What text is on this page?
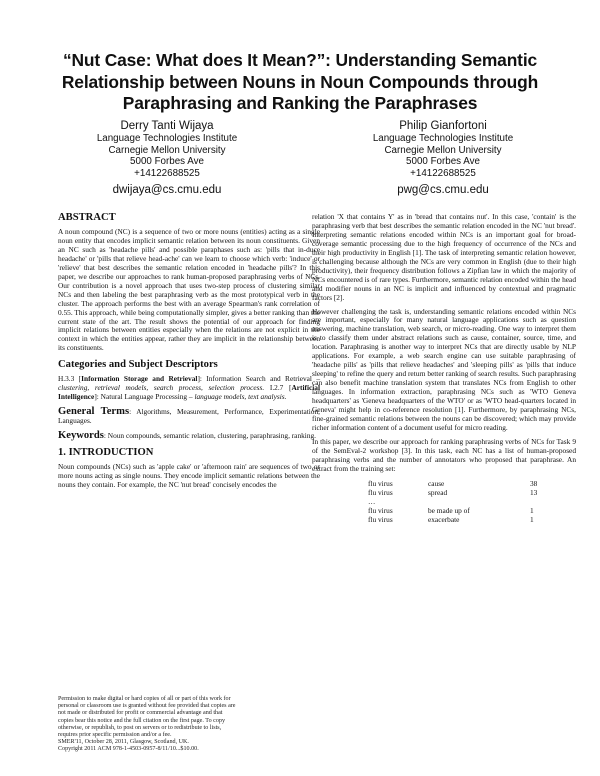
“Nut Case: What does It Mean?”: Understanding Semantic
Relationship between Nouns in Noun Compounds through
Paraphrasing and Ranking the Paraphrases
Derry Tanti Wijaya
Language Technologies Institute
Carnegie Mellon University
5000 Forbes Ave
+14122688525
dwijaya@cs.cmu.edu
Philip Gianfortoni
Language Technologies Institute
Carnegie Mellon University
5000 Forbes Ave
+14122688525
pwg@cs.cmu.edu
ABSTRACT

A noun compound (NC) is a sequence of two or more nouns (entities) acting as a single noun entity that encodes implicit semantic relation between its noun constituents. Given an NC such as 'headache pills' and possible paraphases such as: 'pills that in-duce headache' or 'pills that relieve head-ache' can we learn to choose which verb: 'induce' or 'relieve' that best describes the semantic relation encoded in 'headache pills'? In this paper, we describe our approaches to rank human-proposed paraphrasing verbs of NCs. Our contribution is a novel approach that uses two-step process of clustering similar NCs and then labeling the best paraphrasing verb as the most prototypical verb in the cluster. The approach performs the best with an average Spearman's rank correlation of 0.55. This approach, while being computationally simpler, gives a better ranking than the current state of the art. The result shows the potential of our approach for finding implicit relations between entities especially when the relations are not explicit in the context in which the entities appear, rather they are implicit in the relationship between its constituents.

Categories and Subject Descriptors

H.3.3 [Information Storage and Retrieval]: Information Search and Retrieval – clustering, retrieval models, search process, selection process. I.2.7 [Artificial Intelligence]: Natural Language Processing – language models, text analysis.

General Terms: Algorithms, Measurement, Performance, Experimentation, Languages.

Keywords: Noun compounds, semantic relation, clustering, paraphrasing, ranking.

1. INTRODUCTION

Noun compounds (NCs) such as 'apple cake' or 'afternoon rain' are sequences of two or more nouns acting as single nouns. They encode implicit semantic relations between the nouns they contain. For example, the NC 'nut bread' concisely encodes the

Permission to make digital or hard copies of all or part of this work for
personal or classroom use is granted without fee provided that copies are
not made or distributed for profit or commercial advantage and that
copies bear this notice and the full citation on the first page. To copy
otherwise, or republish, to post on servers or to redistribute to lists,
requires prior specific permission and/or a fee.
SMER'11, October 28, 2011, Glasgow, Scotland, UK.
Copyright 2011 ACM 978-1-4503-0957-8/11/10...$10.00.

relation 'X that contains Y' as in 'bread that contains nut'. In this case, 'contain' is the paraphrasing verb that best describes the semantic relation encoded in the NC 'nut bread'. Interpreting semantic relations encoded within NCs is an important goal for broad-coverage semantic processing due to the high frequency of occurrence of the NCs and their high productivity in English [1]. The task of interpreting semantic relation however, is challenging because although the NCs are very common in English (due to their high productivity), their frequency distribution follows a Zipfian law in which the majority of NCs encountered is of rare types. Furthermore, semantic relation encoded within the head and modifier nouns in an NC is implicit and influenced by contextual and pragmatic factors [2].

However challenging the task is, understanding semantic relations encoded within NCs are important, especially for many natural language applications such as question answering, machine translation, web search, or micro-reading. One way to interpret them is to classify them under abstract relations such as cause, container, source, time, and location. Paraphrasing is another way to interpret NCs that are directly usable by NLP applications. For example, a web search engine can use suitable paraphrasing of 'headache pills' as 'pills that relieve headaches' and 'sleeping pills' as 'pills that induce sleeping' to refine the query and return better ranking of search results. Such paraphrasing can also benefit machine translation system that translates NCs from English to other languages. In information extraction, paraphrasing NCs such as 'WTO Geneva headquarters' as 'Geneva headquarters of the WTO' or as 'WTO head-quarters located in Geneva' might help in co-reference resolution [1]. Furthermore, by paraphrasing NCs, fine-grained semantic relations between the nouns can be discovered; which may provide richer information content of a document useful for micro reading.

In this paper, we describe our approach for ranking paraphrasing verbs of NCs for Task 9 of the SemEval-2 workshop [3]. In this task, each NC has a list of human-proposed paraphrasing verbs and the number of annotators who proposed that paraphrase. An extract from the training set:

flu virus	cause	38
flu virus	spread	13
…		
flu virus	be made up of	1
flu virus	exacerbate	1
